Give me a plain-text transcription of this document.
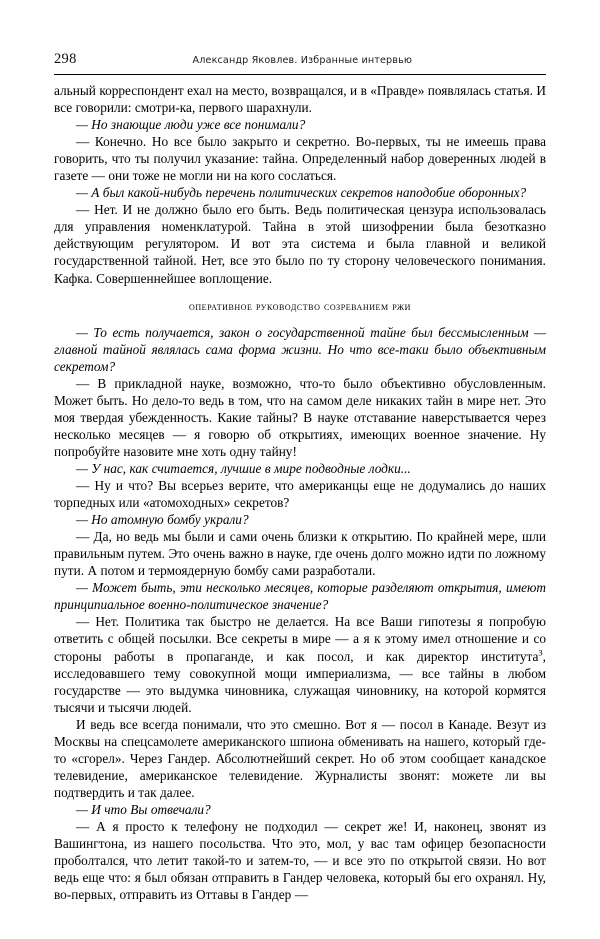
298	Александр Яковлев. Избранные интервью

альный корреспондент ехал на место, возвращался, и в «Правде» появлялась статья. И все говорили: смотри-ка, первого шарахнули.

— Но знающие люди уже все понимали?

— Конечно. Но все было закрыто и секретно. Во-первых, ты не имеешь права говорить, что ты получил указание: тайна. Определенный набор доверенных людей в газете — они тоже не могли ни на кого сослаться.

— А был какой-нибудь перечень политических секретов наподобие оборонных?

— Нет. И не должно было его быть. Ведь политическая цензура использовалась для управления номенклатурой. Тайна в этой шизофрении была безотказно действующим регулятором. И вот эта система и была главной и великой государственной тайной. Нет, все это было по ту сторону человеческого понимания. Кафка. Совершеннейшее воплощение.

оперативное руководство созреванием ржи

— То есть получается, закон о государственной тайне был бессмысленным — главной тайной являлась сама форма жизни. Но что все-таки было объективным секретом?

— В прикладной науке, возможно, что-то было объективно обусловленным. Может быть. Но дело-то ведь в том, что на самом деле никаких тайн в мире нет. Это моя твердая убежденность. Какие тайны? В науке отставание наверстывается через несколько месяцев — я говорю об открытиях, имеющих военное значение. Ну попробуйте назовите мне хоть одну тайну!

— У нас, как считается, лучшие в мире подводные лодки...

— Ну и что? Вы всерьез верите, что американцы еще не додумались до наших торпедных или «атомоходных» секретов?

— Но атомную бомбу украли?

— Да, но ведь мы были и сами очень близки к открытию. По крайней мере, шли правильным путем. Это очень важно в науке, где очень долго можно идти по ложному пути. А потом и термоядерную бомбу сами разработали.

— Может быть, эти несколько месяцев, которые разделяют открытия, имеют принципиальное военно-политическое значение?

— Нет. Политика так быстро не делается. На все Ваши гипотезы я попробую ответить с общей посылки. Все секреты в мире — а я к этому имел отношение и со стороны работы в пропаганде, и как посол, и как директор института$^3$, исследовавшего тему совокупной мощи империализма, — все тайны в любом государстве — это выдумка чиновника, служащая чиновнику, на которой кормятся тысячи и тысячи людей.

И ведь все всегда понимали, что это смешно. Вот я — посол в Канаде. Везут из Москвы на спецсамолете американского шпиона обменивать на нашего, который где-то «сгорел». Через Гандер. Абсолютнейший секрет. Но об этом сообщает канадское телевидение, американское телевидение. Журналисты звонят: можете ли вы подтвердить и так далее.

— И что Вы отвечали?

— А я просто к телефону не подходил — секрет же! И, наконец, звонят из Вашингтона, из нашего посольства. Что это, мол, у вас там офицер безопасности проболтался, что летит такой-то и затем-то, — и все это по открытой связи. Но вот ведь еще что: я был обязан отправить в Гандер человека, который бы его охранял. Ну, во-первых, отправить из Оттавы в Гандер —
